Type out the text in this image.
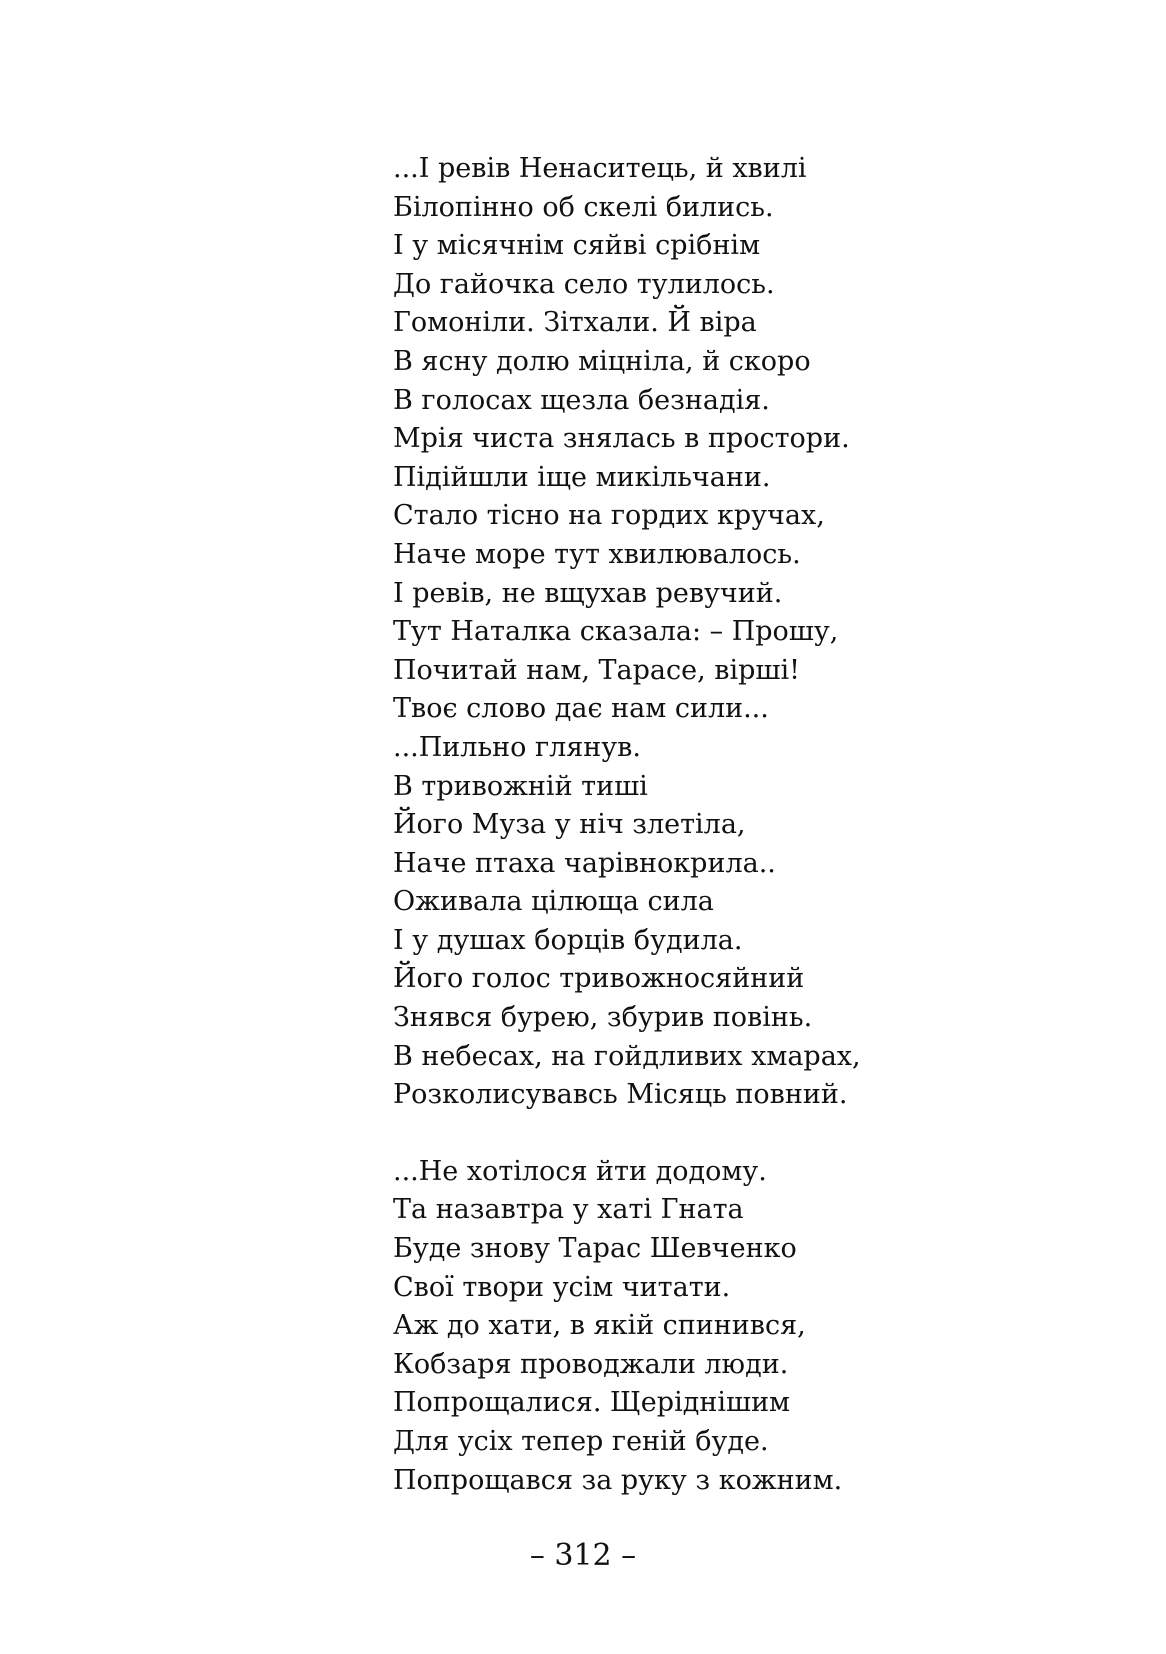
...І ревів Ненаситець, й хвилі
Білопінно об скелі бились.
І у місячнім сяйві срібнім
До гайочка село тулилось.
Гомоніли. Зітхали. Й віра
В ясну долю міцніла, й скоро
В голосах щезла безнадія.
Мрія чиста знялась в простори.
Підійшли іще микільчани.
Стало тісно на гордих кручах,
Наче море тут хвилювалось.
І ревів, не вщухав ревучий.
Тут Наталка сказала: – Прошу,
Почитай нам, Тарасе, вірші!
Твоє слово дає нам сили...
...Пильно глянув.
В тривожній тиші
Його Муза у ніч злетіла,
Наче птаха чарівнокрила..
Оживала цілюща сила
І у душах борців будила.
Його голос тривожносяйний
Знявся бурею, збурив повінь.
В небесах, на гойдливих хмарах,
Розколисувавсь Місяць повний.
...Не хотілося йти додому.
Та назавтра у хаті Гната
Буде знову Тарас Шевченко
Свої твори усім читати.
Аж до хати, в якій спинився,
Кобзаря проводжали люди.
Попрощалися. Щеріднішим
Для усіх тепер геній буде.
Попрощався за руку з кожним.
– 312 –
